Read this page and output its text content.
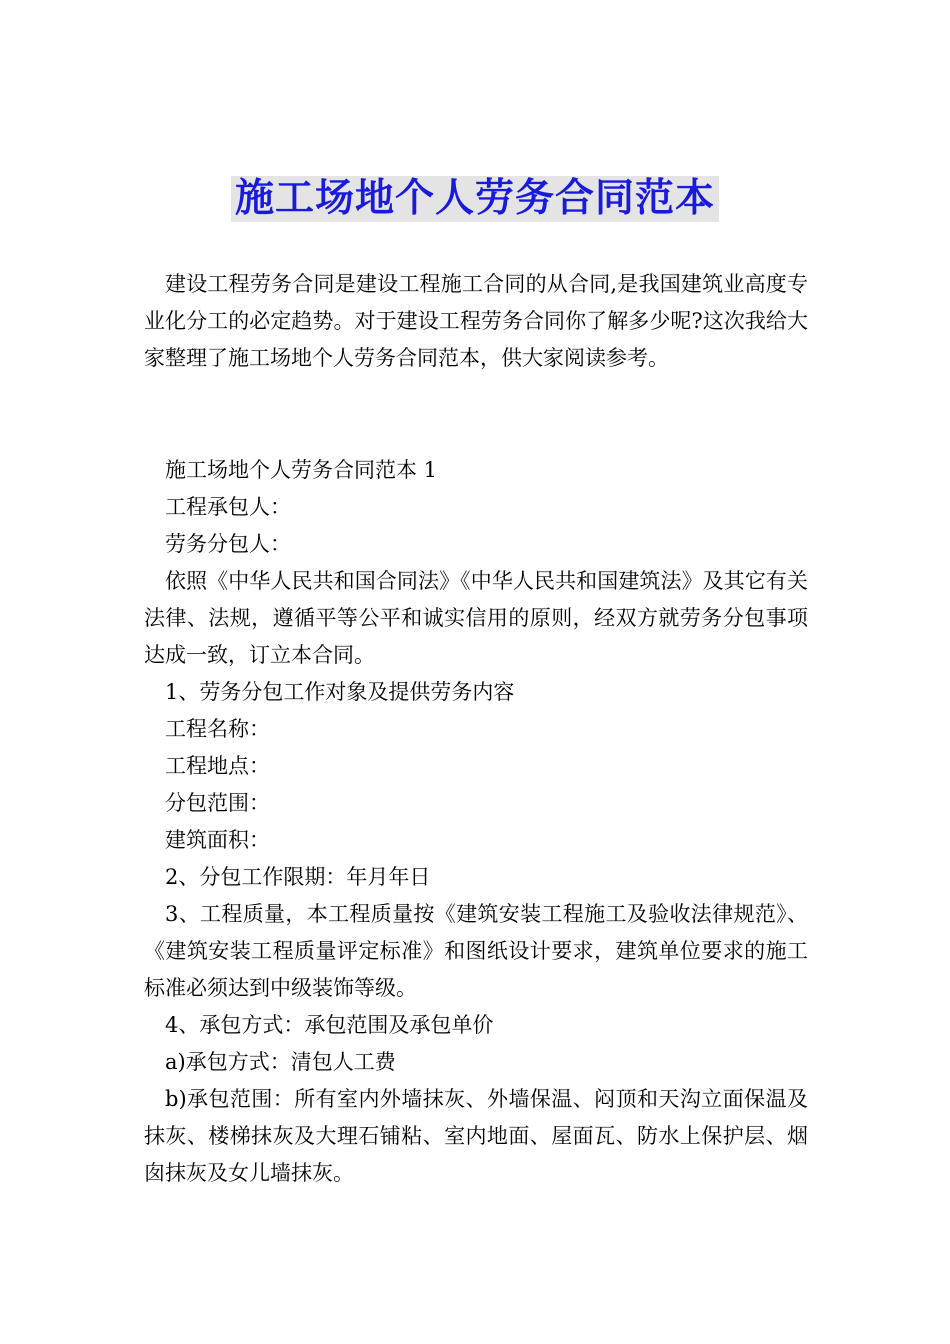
施工场地个人劳务合同范本

建设工程劳务合同是建设工程施工合同的从合同,是我国建筑业高度专业化分工的必定趋势。对于建设工程劳务合同你了解多少呢?这次我给大家整理了施工场地个人劳务合同范本，供大家阅读参考。

施工场地个人劳务合同范本 1

工程承包人：

劳务分包人：

依照《中华人民共和国合同法》《中华人民共和国建筑法》及其它有关法律、法规，遵循平等公平和诚实信用的原则，经双方就劳务分包事项达成一致，订立本合同。

1、劳务分包工作对象及提供劳务内容

工程名称：

工程地点：

分包范围：

建筑面积：

2、分包工作限期：年月年日

3、工程质量，本工程质量按《建筑安装工程施工及验收法律规范》、《建筑安装工程质量评定标准》和图纸设计要求，建筑单位要求的施工标准必须达到中级装饰等级。

4、承包方式：承包范围及承包单价

a)承包方式：清包人工费

b)承包范围：所有室内外墙抹灰、外墙保温、闷顶和天沟立面保温及抹灰、楼梯抹灰及大理石铺粘、室内地面、屋面瓦、防水上保护层、烟囱抹灰及女儿墙抹灰。
